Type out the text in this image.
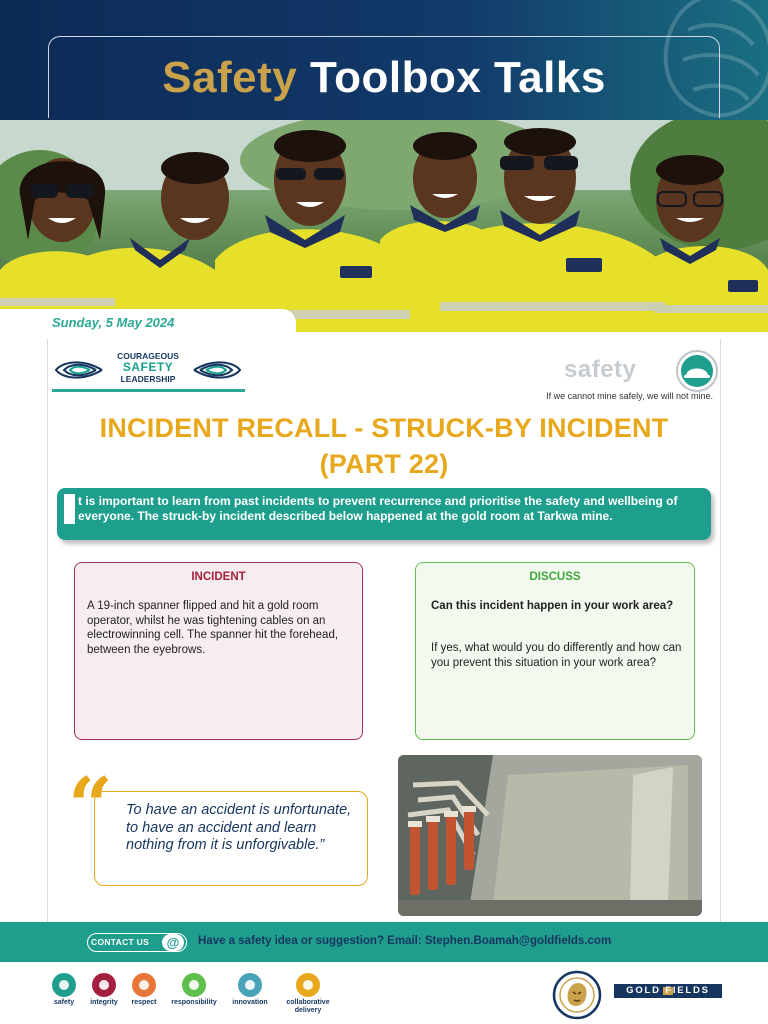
Safety Toolbox Talks
Sunday, 5 May 2024
COURAGEOUS
SAFETY
LEADERSHIP	safety
If we cannot mine safely, we will not mine.
INCIDENT RECALL - STRUCK-BY INCIDENT (PART 22)
t is important to learn from past incidents to prevent recurrence and prioritise the safety and wellbeing of everyone. The struck-by incident described below happened at the gold room at Tarkwa mine.
INCIDENT
A 19-inch spanner flipped and hit a gold room operator, whilst he was tightening cables on an electrowinning cell. The spanner hit the forehead, between the eyebrows.
DISCUSS
Can this incident happen in your work area?
If yes, what would you do differently and how can you prevent this situation in your work area?
To have an accident is unfortunate, to have an accident and learn nothing from it is unforgivable.”
“
CONTACT US	@	Have a safety idea or suggestion? Email: Stephen.Boamah@goldfields.com
safety	integrity	respect	responsibility	innovation	collaborative delivery
GOLD FIELDS
